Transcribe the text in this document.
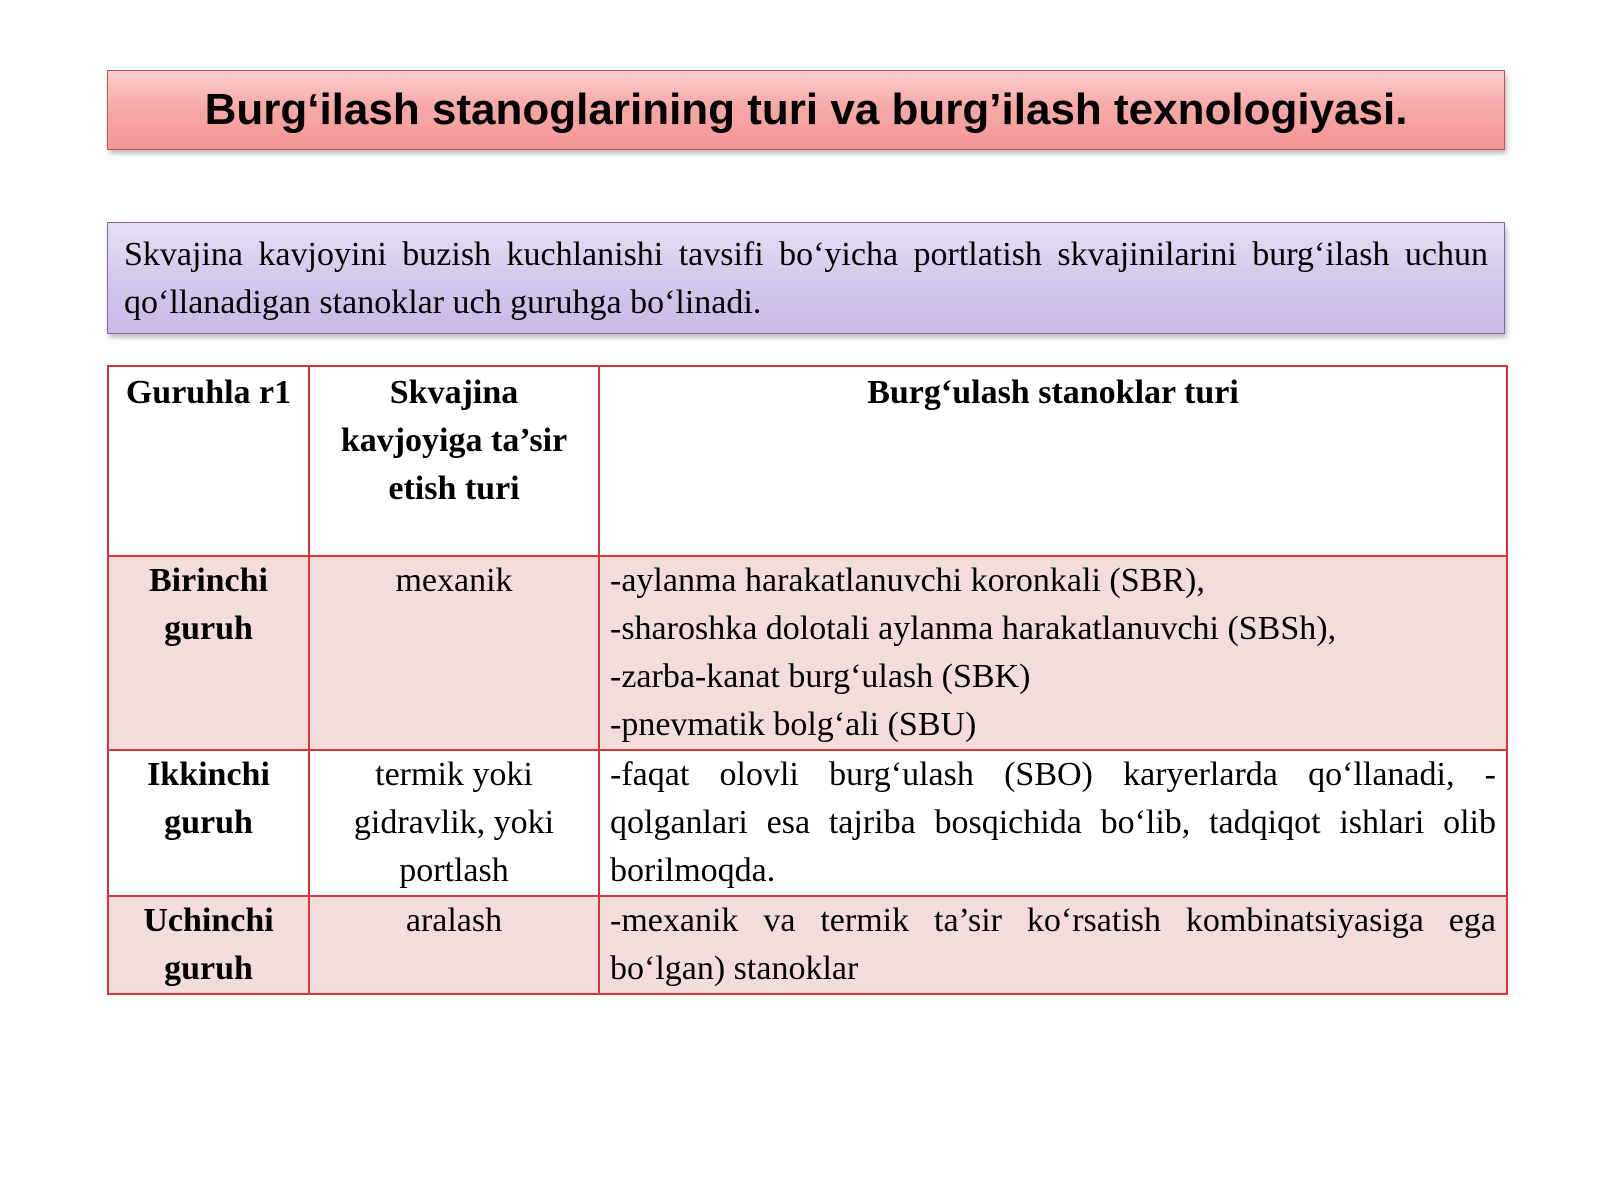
Burg‘ilash stanoglarining turi va burg’ilash texnologiyasi.

Skvajina kavjoyini buzish kuchlanishi tavsifi bo‘yicha portlatish skvajinilarini burg‘ilash uchun qo‘llanadigan stanoklar uch guruhga bo‘linadi.

Guruhla r1	Skvajina kavjoyiga ta’sir etish turi	Burg‘ulash stanoklar turi
Birinchi guruh	mexanik	-aylanma harakatlanuvchi koronkali (SBR),
-sharoshka dolotali aylanma harakatlanuvchi (SBSh),
-zarba-kanat burg‘ulash (SBK)
-pnevmatik bolg‘ali (SBU)

Ikkinchi guruh	termik yoki gidravlik, yoki portlash	-faqat olovli burg‘ulash (SBO) karyerlarda qo‘llanadi, -qolganlari esa tajriba bosqichida bo‘lib, tadqiqot ishlari olib borilmoqda.
Uchinchi guruh	aralash	-mexanik va termik ta’sir ko‘rsatish kombinatsiyasiga ega bo‘lgan) stanoklar
